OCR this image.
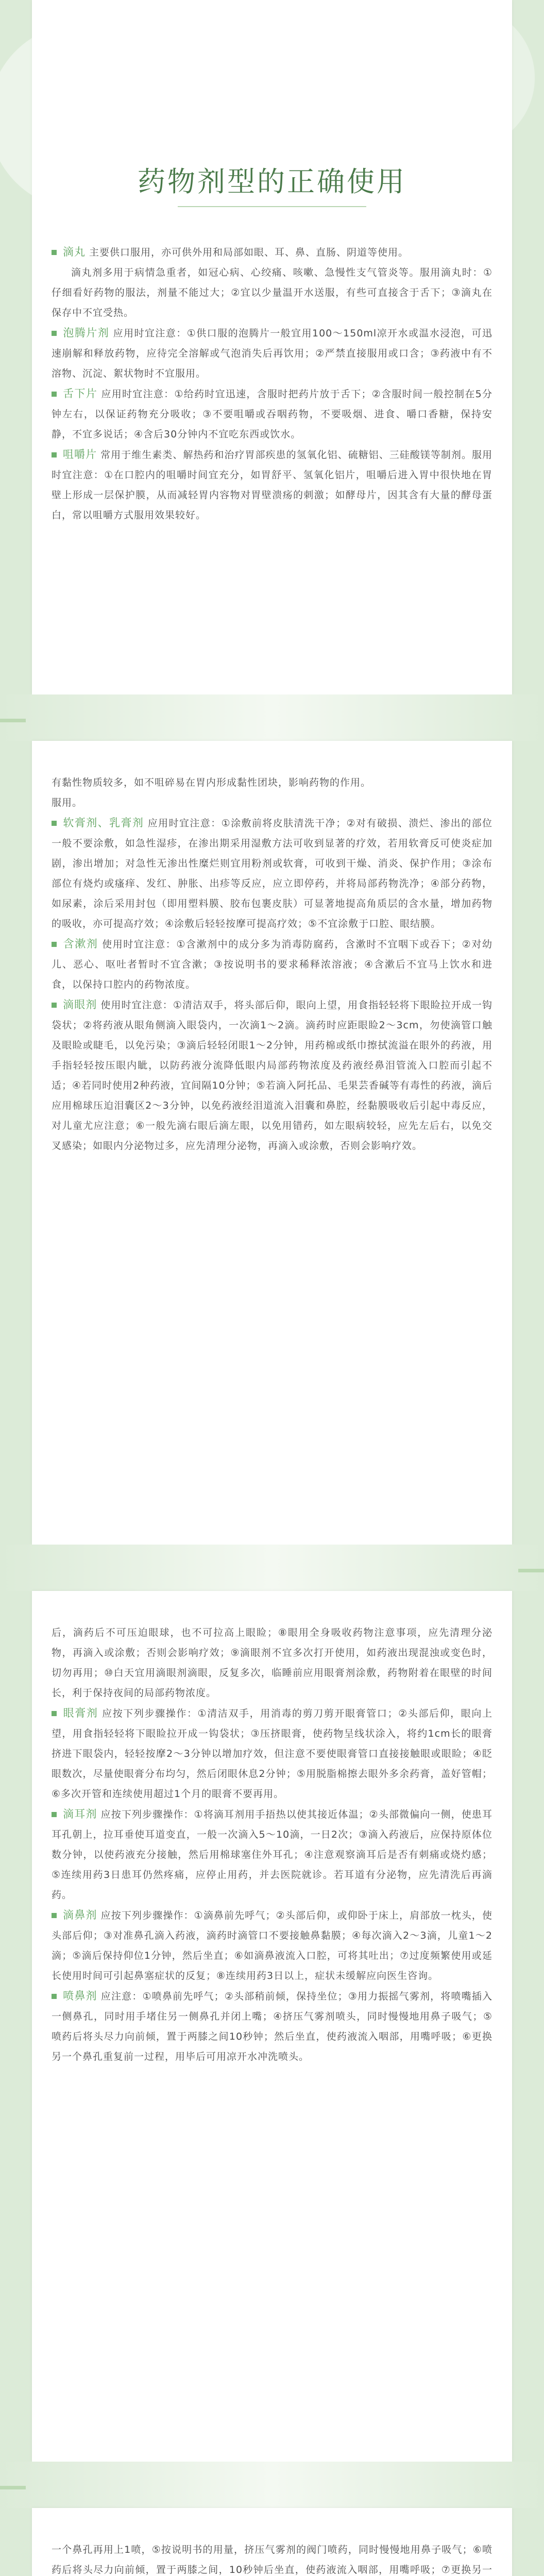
药物剂型的正确使用

滴丸 主要供口服用，亦可供外用和局部如眼、耳、鼻、直肠、阴道等使用。

滴丸剂多用于病情急重者，如冠心病、心绞痛、咳嗽、急慢性支气管炎等。服用滴丸时：①仔细看好药物的服法，剂量不能过大；②宜以少量温开水送服，有些可直接含于舌下；③滴丸在保存中不宜受热。

泡腾片剂 应用时宜注意：①供口服的泡腾片一般宜用100～150ml凉开水或温水浸泡，可迅速崩解和释放药物，应待完全溶解或气泡消失后再饮用；②严禁直接服用或口含；③药液中有不溶物、沉淀、絮状物时不宜服用。

舌下片 应用时宜注意：①给药时宜迅速，含服时把药片放于舌下；②含服时间一般控制在5分钟左右，以保证药物充分吸收；③不要咀嚼或吞咽药物，不要吸烟、进食、嚼口香糖，保持安静，不宜多说话；④含后30分钟内不宜吃东西或饮水。

咀嚼片 常用于维生素类、解热药和治疗胃部疾患的氢氧化铝、硫糖铝、三硅酸镁等制剂。服用时宜注意：①在口腔内的咀嚼时间宜充分，如胃舒平、氢氧化铝片，咀嚼后进入胃中很快地在胃壁上形成一层保护膜，从而减轻胃内容物对胃壁溃疡的刺激；如酵母片，因其含有大量的酵母蛋白，常以咀嚼方式服用效果较好。

有黏性物质较多，如不咀碎易在胃内形成黏性团块，影响药物的作用。

服用。

软膏剂、乳膏剂 应用时宜注意：①涂敷前将皮肤清洗干净；②对有破损、溃烂、渗出的部位一般不要涂敷，如急性湿疹，在渗出期采用湿敷方法可收到显著的疗效，若用软膏反可使炎症加剧，渗出增加；对急性无渗出性糜烂则宜用粉剂或软膏，可收到干燥、消炎、保护作用；③涂布部位有烧灼或瘙痒、发红、肿胀、出疹等反应，应立即停药，并将局部药物洗净；④部分药物，如尿素，涂后采用封包（即用塑料膜、胶布包裹皮肤）可显著地提高角质层的含水量，增加药物的吸收，亦可提高疗效；④涂敷后轻轻按摩可提高疗效；⑤不宜涂敷于口腔、眼结膜。

含漱剂 使用时宜注意：①含漱剂中的成分多为消毒防腐药，含漱时不宜咽下或吞下；②对幼儿、恶心、呕吐者暂时不宜含漱；③按说明书的要求稀释浓溶液；④含漱后不宜马上饮水和进食，以保持口腔内的药物浓度。

滴眼剂 使用时宜注意：①清洁双手，将头部后仰，眼向上望，用食指轻轻将下眼睑拉开成一钩袋状；②将药液从眼角侧滴入眼袋内，一次滴1～2滴。滴药时应距眼睑2～3cm，勿使滴管口触及眼睑或睫毛，以免污染；③滴后轻轻闭眼1～2分钟，用药棉或纸巾擦拭流溢在眼外的药液，用手指轻轻按压眼内眦，以防药液分流降低眼内局部药物浓度及药液经鼻泪管流入口腔而引起不适；④若同时使用2种药液，宜间隔10分钟；⑤若滴入阿托品、毛果芸香碱等有毒性的药液，滴后应用棉球压迫泪囊区2～3分钟，以免药液经泪道流入泪囊和鼻腔，经黏膜吸收后引起中毒反应，对儿童尤应注意；⑥一般先滴右眼后滴左眼，以免用错药，如左眼病较轻，应先左后右，以免交叉感染；如眼内分泌物过多，应先清理分泌物，再滴入或涂敷，否则会影响疗效。

后，滴药后不可压迫眼球，也不可拉高上眼睑；⑧眼用全身吸收药物注意事项，应先清理分泌物，再滴入或涂敷；否则会影响疗效；⑨滴眼剂不宜多次打开使用，如药液出现混浊或变色时，切勿再用；⑩白天宜用滴眼剂滴眼，反复多次，临睡前应用眼膏剂涂敷，药物附着在眼壁的时间长，利于保持夜间的局部药物浓度。

眼膏剂 应按下列步骤操作：①清洁双手，用消毒的剪刀剪开眼膏管口；②头部后仰，眼向上望，用食指轻轻将下眼睑拉开成一钩袋状；③压挤眼膏，使药物呈线状涂入，将约1cm长的眼膏挤进下眼袋内，轻轻按摩2～3分钟以增加疗效，但注意不要使眼膏管口直接接触眼或眼睑；④眨眼数次，尽量使眼膏分布均匀，然后闭眼休息2分钟；⑤用脱脂棉擦去眼外多余药膏，盖好管帽；⑥多次开管和连续使用超过1个月的眼膏不要再用。

滴耳剂 应按下列步骤操作：①将滴耳剂用手捂热以使其接近体温；②头部微偏向一侧，使患耳耳孔朝上，拉耳垂使耳道变直，一般一次滴入5～10滴，一日2次；③滴入药液后，应保持原体位数分钟，以使药液充分接触，然后用棉球塞住外耳孔；④注意观察滴耳后是否有刺痛或烧灼感；⑤连续用药3日患耳仍然疼痛，应停止用药，并去医院就诊。若耳道有分泌物，应先清洗后再滴药。

滴鼻剂 应按下列步骤操作：①滴鼻前先呼气；②头部后仰，或仰卧于床上，肩部放一枕头，使头部后仰；③对准鼻孔滴入药液，滴药时滴管口不要接触鼻黏膜；④每次滴入2～3滴，儿童1～2滴；⑤滴后保持仰位1分钟，然后坐直；⑥如滴鼻液流入口腔，可将其吐出；⑦过度频繁使用或延长使用时间可引起鼻塞症状的反复；⑧连续用药3日以上，症状未缓解应向医生咨询。

喷鼻剂 应注意：①喷鼻前先呼气；②头部稍前倾，保持坐位；③用力振摇气雾剂，将喷嘴插入一侧鼻孔，同时用手堵住另一侧鼻孔并闭上嘴；④挤压气雾剂喷头，同时慢慢地用鼻子吸气；⑤喷药后将头尽力向前倾，置于两膝之间10秒钟；然后坐直，使药液流入咽部，用嘴呼吸；⑥更换另一个鼻孔重复前一过程，用毕后可用凉开水冲洗喷头。

一个鼻孔再用上1喷，⑤按说明书的用量，挤压气雾剂的阀门喷药，同时慢慢地用鼻子吸气；⑥喷药后将头尽力向前倾，置于两膝之间，10秒钟后坐直，使药液流入咽部，用嘴呼吸；⑦更换另一
